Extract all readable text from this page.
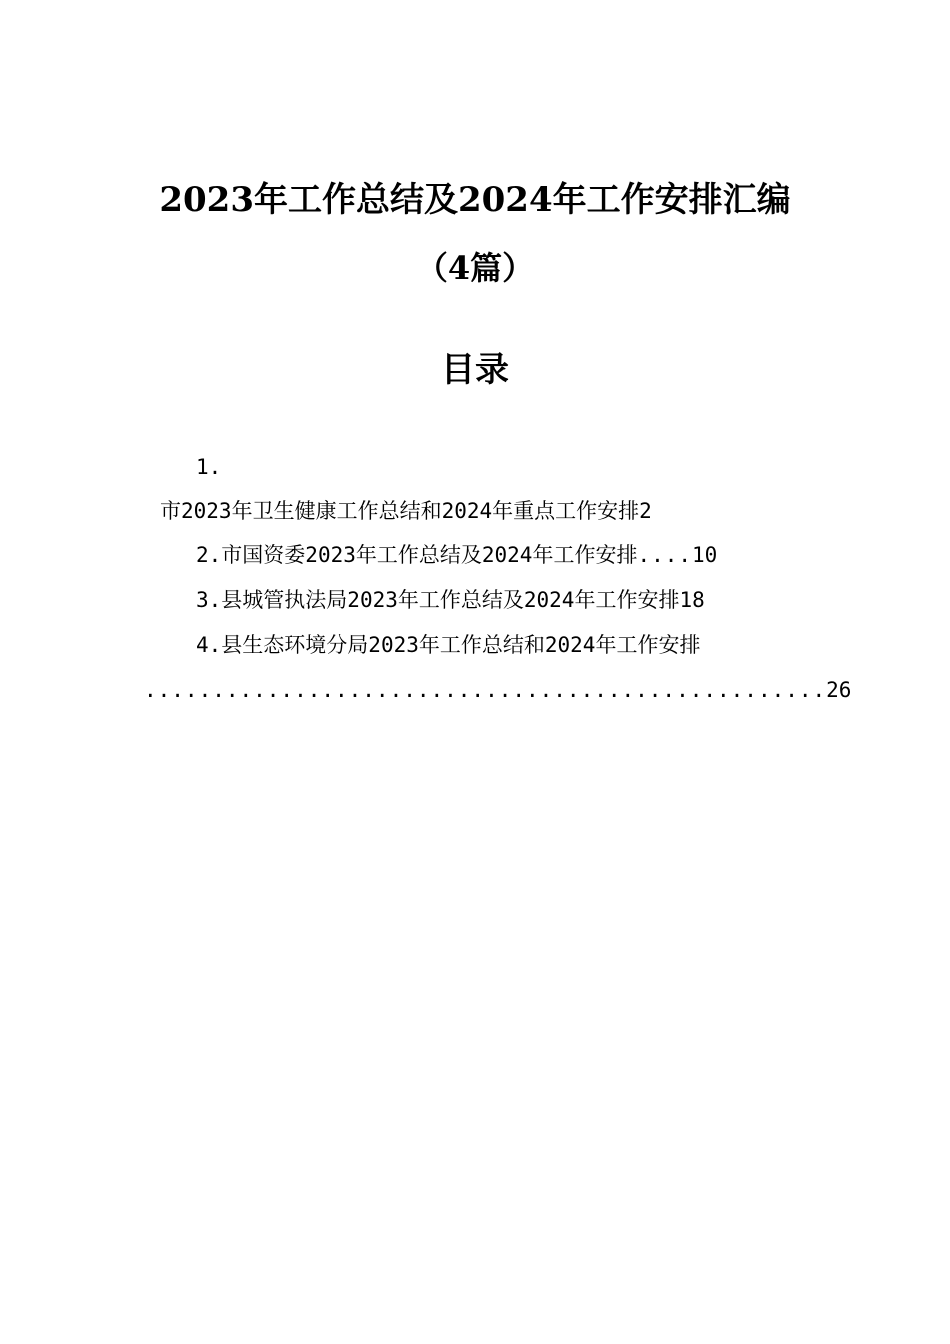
2023年工作总结及2024年工作安排汇编
（4篇）
目录
1.
市2023年卫生健康工作总结和2024年重点工作安排2
2.市国资委2023年工作总结及2024年工作安排....10
3.县城管执法局2023年工作总结及2024年工作安排18
4.县生态环境分局2023年工作总结和2024年工作安排
..................................................26
